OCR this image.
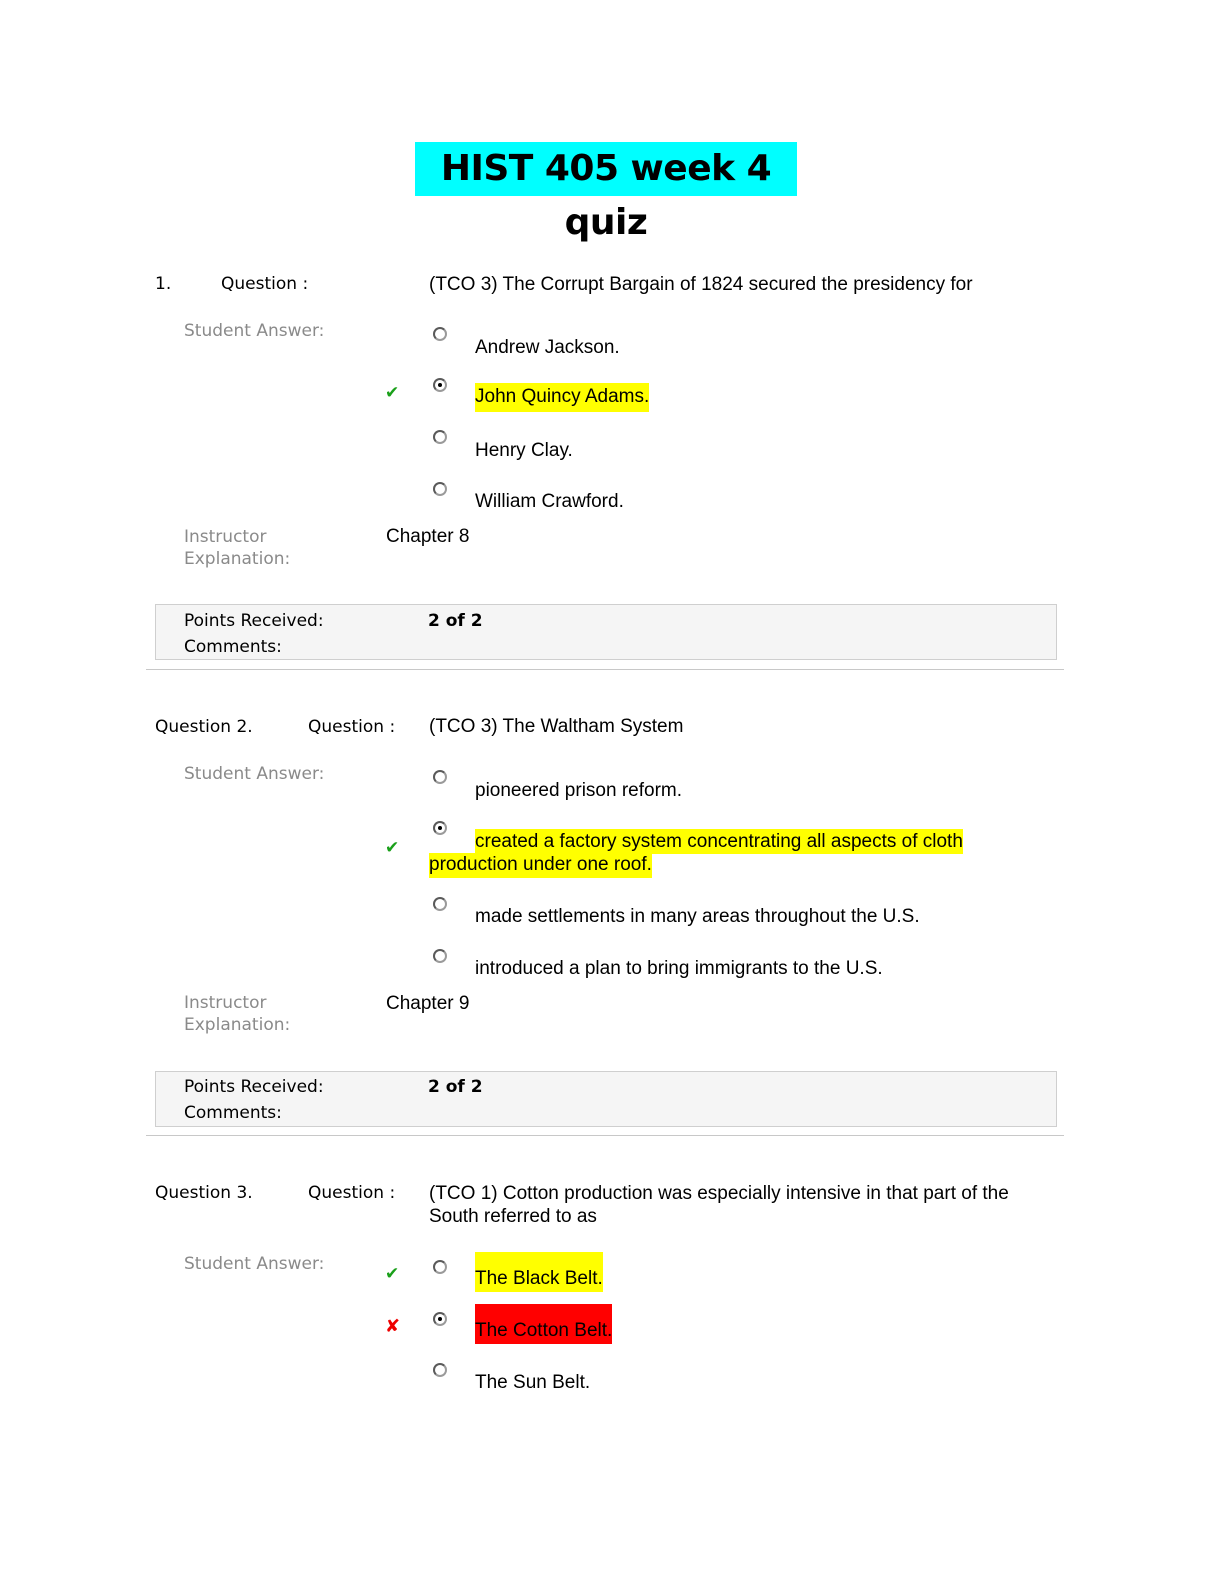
HIST 405 week 4 quiz
1.	Question :	(TCO 3) The Corrupt Bargain of 1824 secured the presidency for
Student Answer:
Andrew Jackson.
✔	John Quincy Adams.
Henry Clay.
William Crawford.
Instructor
Explanation:
Chapter 8
Points Received:	2 of 2
Comments:
Question 2.	Question : (TCO 3) The Waltham System
Student Answer:
pioneered prison reform.
✔	created a factory system concentrating all aspects of cloth
production under one roof.
made settlements in many areas throughout the U.S.
introduced a plan to bring immigrants to the U.S.
Instructor
Explanation:
Chapter 9
Points Received:	2 of 2
Comments:
Question 3.	Question : (TCO 1) Cotton production was especially intensive in that part of the
South referred to as
Student Answer:	✔	The Black Belt.
✘	The Cotton Belt.
The Sun Belt.
